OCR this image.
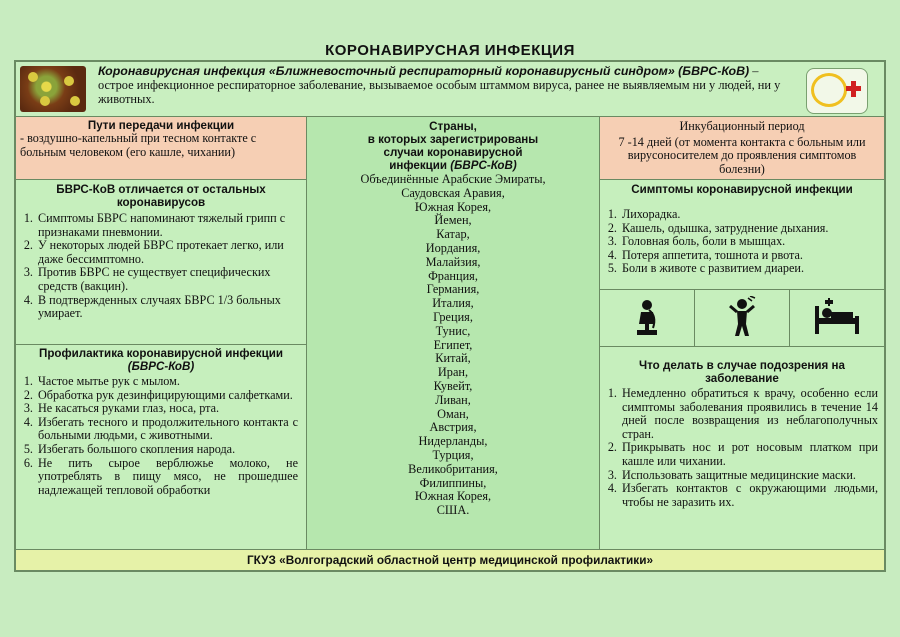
КОРОНАВИРУСНАЯ ИНФЕКЦИЯ
Коронавирусная инфекция «Ближневосточный респираторный коронавирусный синдром» (БВРС-КоВ) – острое инфекционное респираторное заболевание, вызываемое особым штаммом вируса, ранее не выявляемым ни у людей, ни у животных.
Пути передачи инфекции
- воздушно-капельный при тесном контакте с больным человеком (его кашле, чихании)
БВРС-КоВ отличается от остальных коронавирусов
1. Симптомы БВРС напоминают тяжелый грипп с признаками пневмонии.
2. У некоторых людей БВРС протекает легко, или даже бессимптомно.
3. Против БВРС не существует специфических средств (вакцин).
4. В подтвержденных случаях БВРС 1/3 больных умирает.
Профилактика коронавирусной инфекции
(БВРС-КоВ)
1. Частое мытье рук с мылом.
2. Обработка рук дезинфицирующими салфетками.
3. Не касаться руками глаз, носа, рта.
4. Избегать тесного и продолжительного контакта с больными людьми, с животными.
5. Избегать большого скопления народа.
6. Не пить сырое верблюжье молоко, не употреблять в пищу мясо, не прошедшее надлежащей тепловой обработки
Страны,
в которых зарегистрированы случаи коронавирусной
инфекции (БВРС-КоВ)
Объединённые Арабские Эмираты,
Саудовская Аравия,
Южная Корея,
Йемен,
Катар,
Иордания,
Малайзия,
Франция,
Германия,
Италия,
Греция,
Тунис,
Египет,
Китай,
Иран,
Кувейт,
Ливан,
Оман,
Австрия,
Нидерланды,
Турция,
Великобритания,
Филиппины,
Южная Корея,
США.
Инкубационный период
7 -14 дней (от момента контакта с больным или вирусоносителем до проявления симптомов болезни)
Симптомы коронавирусной инфекции
1. Лихорадка.
2. Кашель, одышка, затруднение дыхания.
3. Головная боль, боли в мышцах.
4. Потеря аппетита, тошнота и рвота.
5. Боли в животе с развитием диареи.
Что делать в случае подозрения на заболевание
1. Немедленно обратиться к врачу, особенно если симптомы заболевания проявились в течение 14 дней после возвращения из неблагополучных стран.
2. Прикрывать нос и рот носовым платком при кашле или чихании.
3. Использовать защитные медицинские маски.
4. Избегать контактов с окружающими людьми, чтобы не заразить их.
ГКУЗ «Волгоградский областной центр медицинской профилактики»
